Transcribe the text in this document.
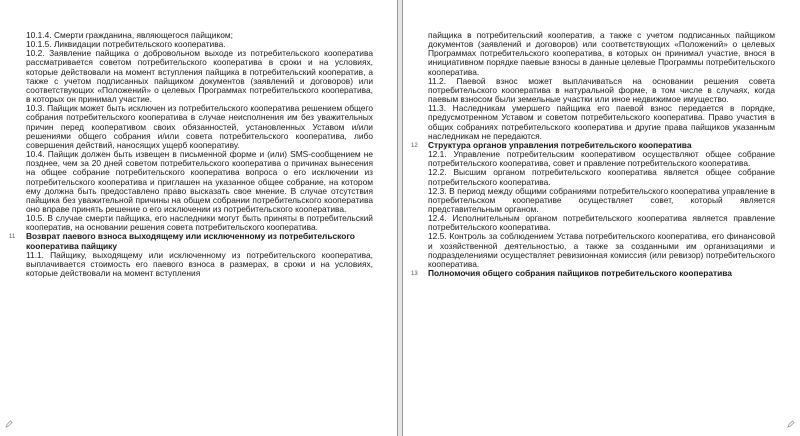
10.1.4. Смерти гражданина, являющегося пайщиком;

10.1.5. Ликвидации потребительского кооператива.

10.2. Заявление пайщика о добровольном выходе из потребительского кооператива рассматривается советом потребительского кооператива в сроки и на условиях, которые действовали на момент вступления пайщика в потребительский кооператив, а также с учетом подписанных пайщиком документов (заявлений и договоров) или соответствующих «Положений» о целевых Программах потребительского кооператива, в которых он принимал участие.

10.3. Пайщик может быть исключен из потребительского кооператива решением общего собрания потребительского кооператива в случае неисполнения им без уважительных причин перед кооперативом своих обязанностей, установленных Уставом и/или решениями общего собрания и/или совета потребительского кооператива, либо совершения действий, наносящих ущерб кооперативу.

10.4. Пайщик должен быть извещен в письменной форме и (или) SMS-сообщением не позднее, чем за 20 дней советом потребительского кооператива о причинах вынесения на общее собрание потребительского кооператива вопроса о его исключении из потребительского кооператива и приглашен на указанное общее собрание, на котором ему должна быть предоставлено право высказать свое мнение. В случае отсутствия пайщика без уважительной причины на общем собрании потребительского кооператива оно вправе принять решение о его исключении из потребительского кооператива.

10.5. В случае смерти пайщика, его наследники могут быть приняты в потребительский кооператив, на основании решения совета потребительского кооператива.

11 Возврат паевого взноса выходящему или исключенному из потребительского кооператива пайщику

11.1. Пайщику, выходящему или исключенному из потребительского кооператива, выплачивается стоимость его паевого взноса в размерах, в сроки и на условиях, которые действовали на момент вступления

пайщика в потребительский кооператив, а также с учетом подписанных пайщиком документов (заявлений и договоров) или соответствующих «Положений» о целевых Программах потребительского кооператива, в которых он принимал участие, внося в инициативном порядке паевые взносы в данные целевые Программы потребительского кооператива.

11.2. Паевой взнос может выплачиваться на основании решения совета потребительского кооператива в натуральной форме, в том числе в случаях, когда паевым взносом были земельные участки или иное недвижимое имущество.

11.3. Наследникам умершего пайщика его паевой взнос передается в порядке, предусмотренном Уставом и советом потребительского кооператива. Право участия в общих собраниях потребительского кооператива и другие права пайщиков указанным наследникам не передаются.

12 Структура органов управления потребительского кооператива

12.1. Управление потребительским кооперативом осуществляют общее собрание потребительского кооператива, совет и правление потребительского кооператива.

12.2. Высшим органом потребительского кооператива является общее собрание потребительского кооператива.

12.3. В период между общими собраниями потребительского кооператива управление в потребительском кооперативе осуществляет совет, который является представительным органом.

12.4. Исполнительным органом потребительского кооператива является правление потребительского кооператива.

12.5. Контроль за соблюдением Устава потребительского кооператива, его финансовой и хозяйственной деятельностью, а также за созданными им организациями и подразделениями осуществляет ревизионная комиссия (или ревизор) потребительского кооператива.

13 Полномочия общего собрания пайщиков потребительского кооператива
